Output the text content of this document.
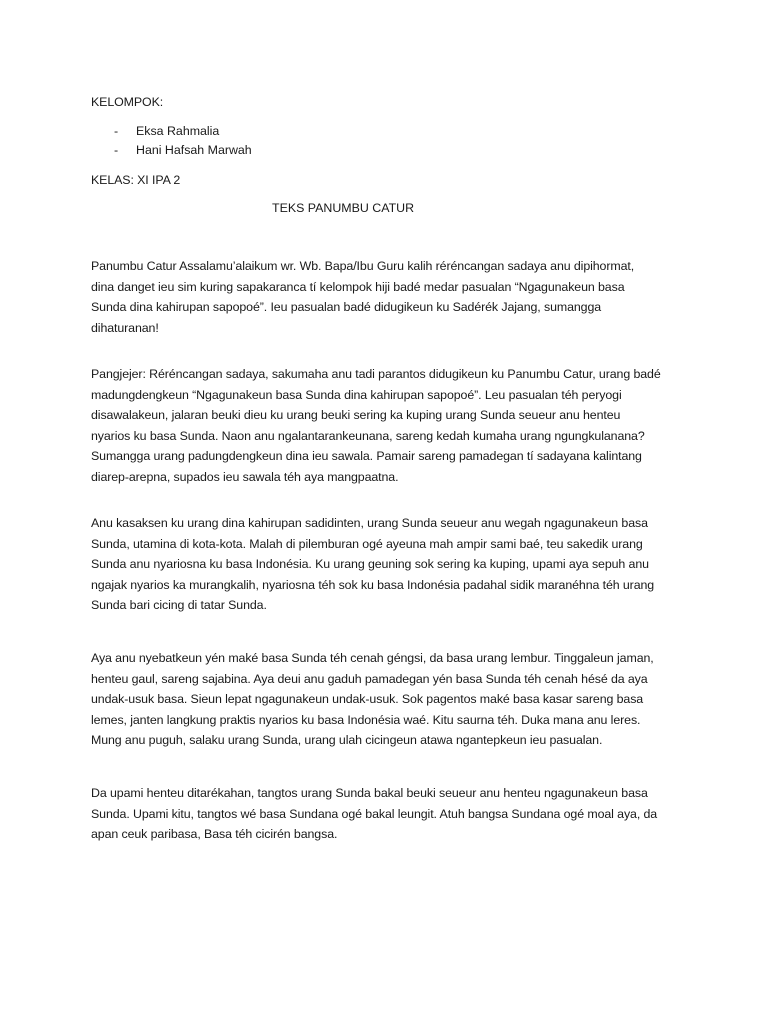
KELOMPOK:
- Eksa Rahmalia
- Hani Hafsah Marwah
KELAS: XI IPA 2
TEKS PANUMBU CATUR
Panumbu Catur Assalamu’alaikum wr. Wb. Bapa/Ibu Guru kalih réréncangan sadaya anu dipihormat,
dina danget ieu sim kuring sapakaranca tí kelompok hiji badé medar pasualan “Ngagunakeun basa
Sunda dina kahirupan sapopoé”. Ieu pasualan badé didugikeun ku Sadérék Jajang, sumangga
dihaturanan!
Pangjejer: Réréncangan sadaya, sakumaha anu tadi parantos didugikeun ku Panumbu Catur, urang badé
madungdengkeun “Ngagunakeun basa Sunda dina kahirupan sapopoé”. Leu pasualan téh peryogi
disawalakeun, jalaran beuki dieu ku urang beuki sering ka kuping urang Sunda seueur anu henteu
nyarios ku basa Sunda. Naon anu ngalantarankeunana, sareng kedah kumaha urang ngungkulanana?
Sumangga urang padungdengkeun dina ieu sawala. Pamair sareng pamadegan tí sadayana kalintang
diarep-arepna, supados ieu sawala téh aya mangpaatna.
Anu kasaksen ku urang dina kahirupan sadidinten, urang Sunda seueur anu wegah ngagunakeun basa
Sunda, utamina di kota-kota. Malah di pilemburan ogé ayeuna mah ampir sami baé, teu sakedik urang
Sunda anu nyariosna ku basa Indonésia. Ku urang geuning sok sering ka kuping, upami aya sepuh anu
ngajak nyarios ka murangkalih, nyariosna téh sok ku basa Indonésia padahal sidik maranéhna téh urang
Sunda bari cicing di tatar Sunda.
Aya anu nyebatkeun yén maké basa Sunda téh cenah géngsi, da basa urang lembur. Tinggaleun jaman,
henteu gaul, sareng sajabina. Aya deui anu gaduh pamadegan yén basa Sunda téh cenah hésé da aya
undak-usuk basa. Sieun lepat ngagunakeun undak-usuk. Sok pagentos maké basa kasar sareng basa
lemes, janten langkung praktis nyarios ku basa Indonésia waé. Kitu saurna téh. Duka mana anu leres.
Mung anu puguh, salaku urang Sunda, urang ulah cicingeun atawa ngantepkeun ieu pasualan.
Da upami henteu ditarékahan, tangtos urang Sunda bakal beuki seueur anu henteu ngagunakeun basa
Sunda. Upami kitu, tangtos wé basa Sundana ogé bakal leungit. Atuh bangsa Sundana ogé moal aya, da
apan ceuk paribasa, Basa téh cicirén bangsa.
